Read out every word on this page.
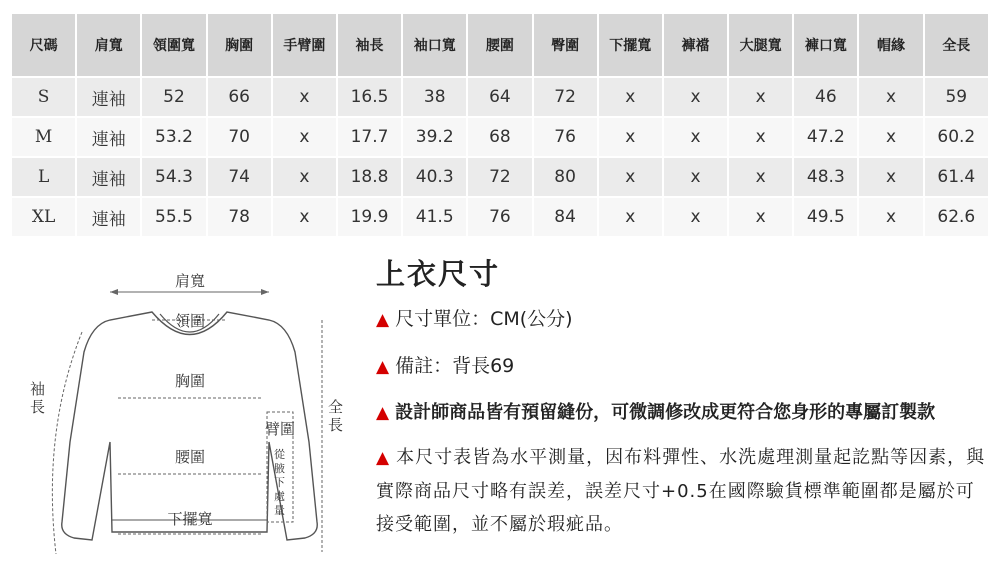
尺碼	肩寬	領圍寬	胸圍	手臂圍	袖長	袖口寬	腰圍	臀圍	下擺寬	褲襠	大腿寬	褲口寬	帽緣	全長
S	連袖	52	66	x	16.5	38	64	72	x	x	x	46	x	59
M	連袖	53.2	70	x	17.7	39.2	68	76	x	x	x	47.2	x	60.2
L	連袖	54.3	74	x	18.8	40.3	72	80	x	x	x	48.3	x	61.4
XL	連袖	55.5	78	x	19.9	41.5	76	84	x	x	x	49.5	x	62.6
肩寬
領圍
胸圍
腰圍
下擺寬
袖
長	全
長
臂圍
從
腋
下
處
量
上衣尺寸
▲ 尺寸單位：CM(公分)
▲ 備註：背長69
▲ 設計師商品皆有預留縫份，可微調修改成更符合您身形的專屬訂製款
▲ 本尺寸表皆為水平測量，因布料彈性、水洗處理測量起訖點等因素，與實際商品尺寸略有誤差，誤差尺寸+0.5在國際驗貨標準範圍都是屬於可接受範圍，並不屬於瑕疵品。
